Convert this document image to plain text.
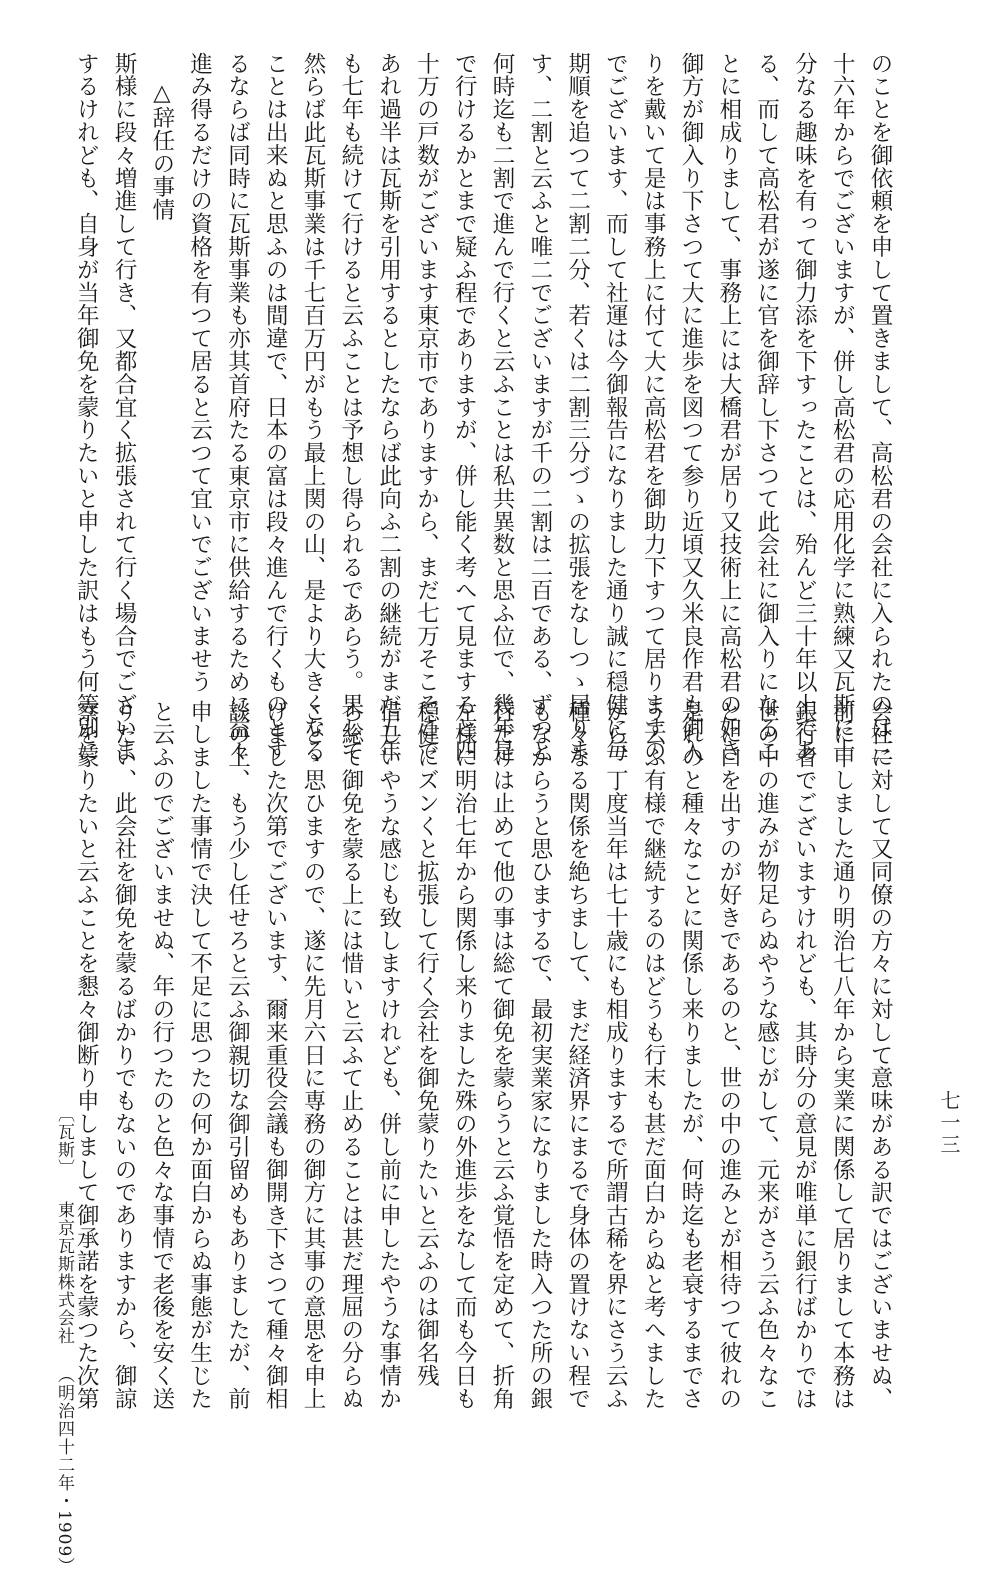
七一三
のことを御依頼を申して置きまして、高松君の会社に入られたのは三
十六年からでございますが、併し高松君の応用化学に熟練又瓦斯に十
分なる趣味を有って御力添を下すったことは、殆んど三十年以上であ
る、而して高松君が遂に官を御辞し下さつて此会社に御入りになるこ
とに相成りまして、事務上には大橋君が居り又技術上に高松君の如き
御方が御入り下さつて大に進歩を図つて参り近頃又久米良作君も御入
りを戴いて是は事務上に付て大に高松君を御助力下すつて居りますの
でございます、而して社運は今御報告になりました通り誠に穏健に毎
期順を追つて二割二分、若くは二割三分づゝの拡張をなしつゝ居りま
す、二割と云ふと唯二でございますが千の二割は二百である、ずつと
何時迄も二割で進んで行くと云ふことは私共異数と思ふ位で、幾年是
で行けるかとまで疑ふ程でありますが、併し能く考へて見ますると四
十万の戸数がございます東京市でありますから、まだ七万そこそこで
あれ過半は瓦斯を引用するとしたならば此向ふ二割の継続がまだ五年
も七年も続けて行けると云ふことは予想し得られるであらう。果して
然らば此瓦斯事業は千七百万円がもう最上関の山、是より大きくなる
ことは出来ぬと思ふのは間違で、日本の富は段々進んで行くものとす
るならば同時に瓦斯事業も亦其首府たる東京市に供給するために益々
進み得るだけの資格を有つて居ると云つて宜いでございませう
△辞任の事情
斯様に段々増進して行き、又都合宜く拡張されて行く場合でございま
するけれども、自身が当年御免を蒙りたいと申した訳はもう何等別に
会社に対して又同僚の方々に対して意味がある訳ではございませぬ、
前に申しました通り明治七八年から実業に関係して居りまして本務は
銀行者でございますけれども、其時分の意見が唯単に銀行ばかりでは
世の中の進みが物足らぬやうな感じがして、元来がさう云ふ色々なこ
とに口を出すのが好きであるのと、世の中の進みとが相待つて彼れの
是れのと種々なことに関係し来りましたが、何時迄も老衰するまでさ
う云ふ有様で継続するのはどうも行末も甚だ面白からぬと考へました
から、丁度当年は七十歳にも相成りまするで所謂古稀を界にさう云ふ
種々なる関係を絶ちまして、まだ経済界にまるで身体の置けない程で
もなからうと思ひまするで、最初実業家になりました時入つた所の銀
行だけは止めて他の事は総て御免を蒙らうと云ふ覚悟を定めて、折角
左様に明治七年から関係し来りました殊の外進歩をなして而も今日も
穏健にズンくと拡張して行く会社を御免蒙りたいと云ふのは御名残
惜しいやうな感じも致しますけれども、併し前に申したやうな事情か
ら総て御免を蒙る上には惜いと云ふて止めることは甚だ理屈の分らぬ
ことゝ思ひますので、遂に先月六日に専務の御方に其事の意思を申上
げました次第でございます、爾来重役会議も御開き下さつて種々御相
談の上、もう少し任せろと云ふ御親切な御引留めもありましたが、前
申しました事情で決して不足に思つたの何か面白からぬ事態が生じた
と云ふのでございませぬ、年の行つたのと色々な事情で老後を安く送
りたい、此会社を御免を蒙るばかりでもないのでありますから、御諒
察を蒙りたいと云ふことを懇々御断り申しまして御承諾を蒙つた次第
〔瓦斯〕 東京瓦斯株式会社 （明治四十二年・1909）
